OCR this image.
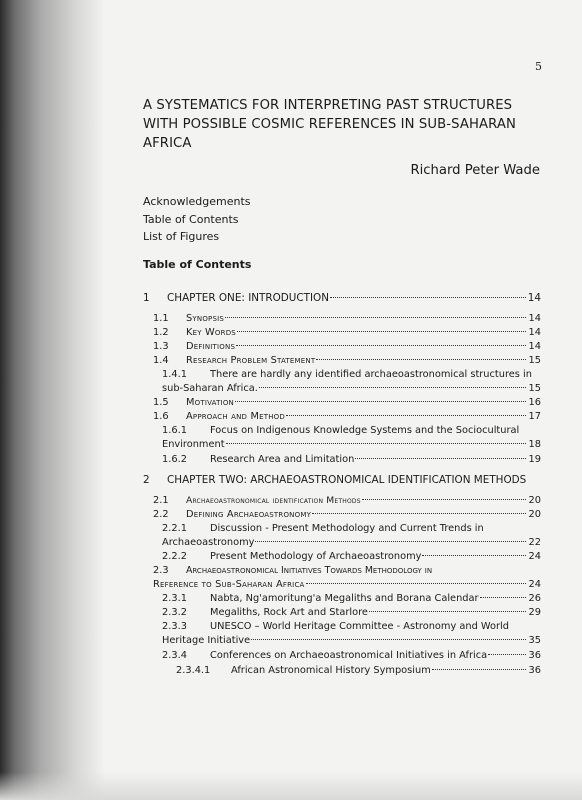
5
A SYSTEMATICS FOR INTERPRETING PAST STRUCTURES WITH POSSIBLE COSMIC REFERENCES IN SUB-SAHARAN AFRICA
Richard Peter Wade
Acknowledgements
Table of Contents
List of Figures
Table of Contents
1	CHAPTER ONE: INTRODUCTION	14
1.1	Synopsis	14
1.2	Key Words	14
1.3	Definitions	14
1.4	Research Problem Statement	15
1.4.1 There are hardly any identified archaeoastronomical structures in
sub-Saharan Africa.	15
1.5	Motivation	16
1.6	Approach and Method	17
1.6.1 Focus on Indigenous Knowledge Systems and the Sociocultural
Environment	18
1.6.2	Research Area and Limitation	19
2	CHAPTER TWO: ARCHAEOASTRONOMICAL IDENTIFICATION METHODS
2.1	Archaeoastronomical identification Methods	20
2.2	Defining Archaeoastronomy	20
2.2.1 Discussion - Present Methodology and Current Trends in
Archaeoastronomy	22
2.2.2	Present Methodology of Archaeoastronomy	24
2.3 Archaeoastronomical Initiatives Towards Methodology in
Reference to Sub-Saharan Africa	24
2.3.1	Nabta, Ng'amoritung'a Megaliths and Borana Calendar	26
2.3.2	Megaliths, Rock Art and Starlore	29
2.3.3 UNESCO – World Heritage Committee - Astronomy and World
Heritage Initiative	35
2.3.4	Conferences on Archaeoastronomical Initiatives in Africa	36
2.3.4.1	African Astronomical History Symposium	36
